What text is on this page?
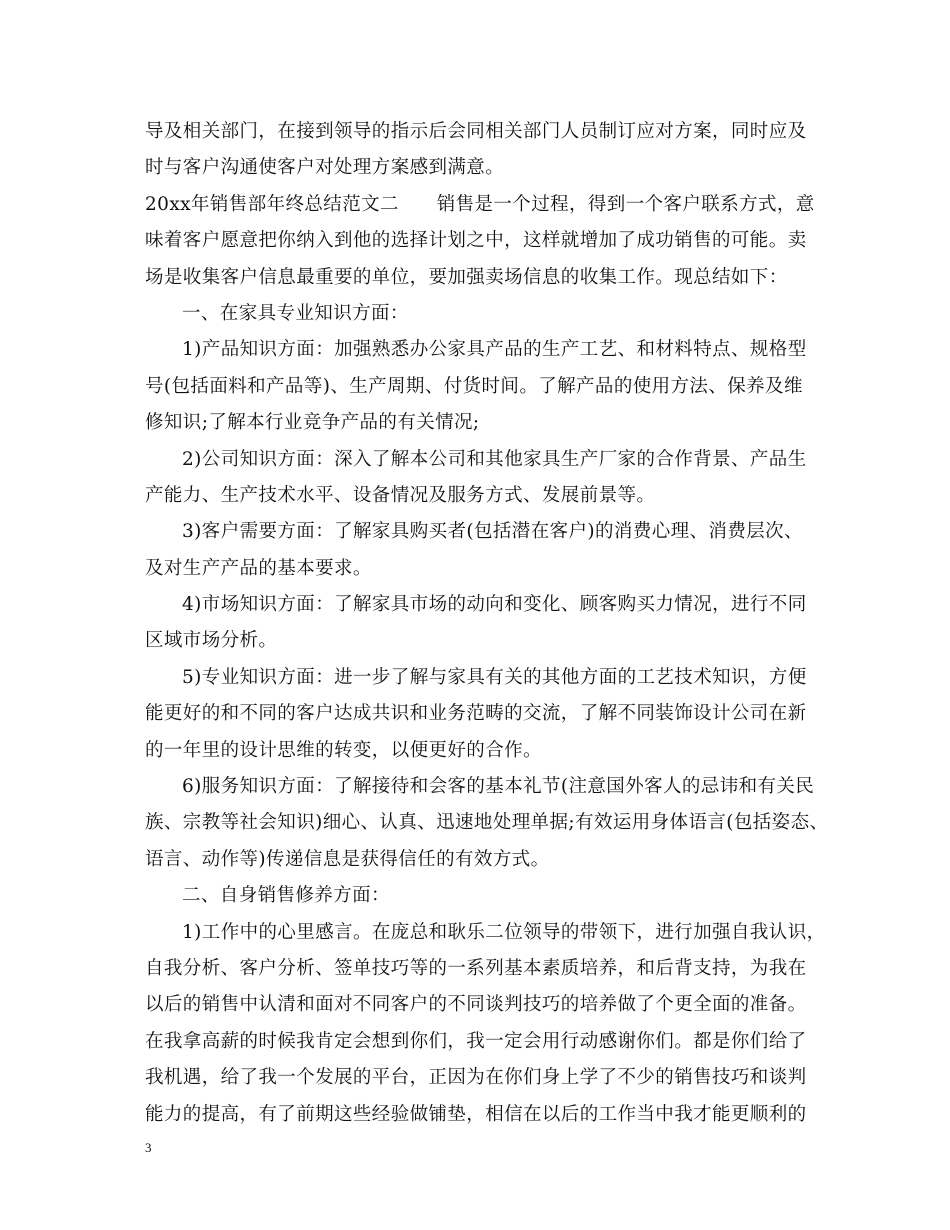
导及相关部门，在接到领导的指示后会同相关部门人员制订应对方案，同时应及
时与客户沟通使客户对处理方案感到满意。
20xx年销售部年终总结范文二　　销售是一个过程，得到一个客户联系方式，意
味着客户愿意把你纳入到他的选择计划之中，这样就增加了成功销售的可能。卖
场是收集客户信息最重要的单位，要加强卖场信息的收集工作。现总结如下：
一、在家具专业知识方面：
1)产品知识方面：加强熟悉办公家具产品的生产工艺、和材料特点、规格型
号(包括面料和产品等)、生产周期、付货时间。了解产品的使用方法、保养及维
修知识;了解本行业竞争产品的有关情况;
2)公司知识方面：深入了解本公司和其他家具生产厂家的合作背景、产品生
产能力、生产技术水平、设备情况及服务方式、发展前景等。
3)客户需要方面：了解家具购买者(包括潜在客户)的消费心理、消费层次、
及对生产产品的基本要求。
4)市场知识方面：了解家具市场的动向和变化、顾客购买力情况，进行不同
区域市场分析。
5)专业知识方面：进一步了解与家具有关的其他方面的工艺技术知识，方便
能更好的和不同的客户达成共识和业务范畴的交流，了解不同装饰设计公司在新
的一年里的设计思维的转变，以便更好的合作。
6)服务知识方面：了解接待和会客的基本礼节(注意国外客人的忌讳和有关民
族、宗教等社会知识)细心、认真、迅速地处理单据;有效运用身体语言(包括姿态、
语言、动作等)传递信息是获得信任的有效方式。
二、自身销售修养方面：
1)工作中的心里感言。在庞总和耿乐二位领导的带领下，进行加强自我认识，
自我分析、客户分析、签单技巧等的一系列基本素质培养，和后背支持，为我在
以后的销售中认清和面对不同客户的不同谈判技巧的培养做了个更全面的准备。
在我拿高薪的时候我肯定会想到你们，我一定会用行动感谢你们。都是你们给了
我机遇，给了我一个发展的平台，正因为在你们身上学了不少的销售技巧和谈判
能力的提高，有了前期这些经验做铺垫，相信在以后的工作当中我才能更顺利的
3
